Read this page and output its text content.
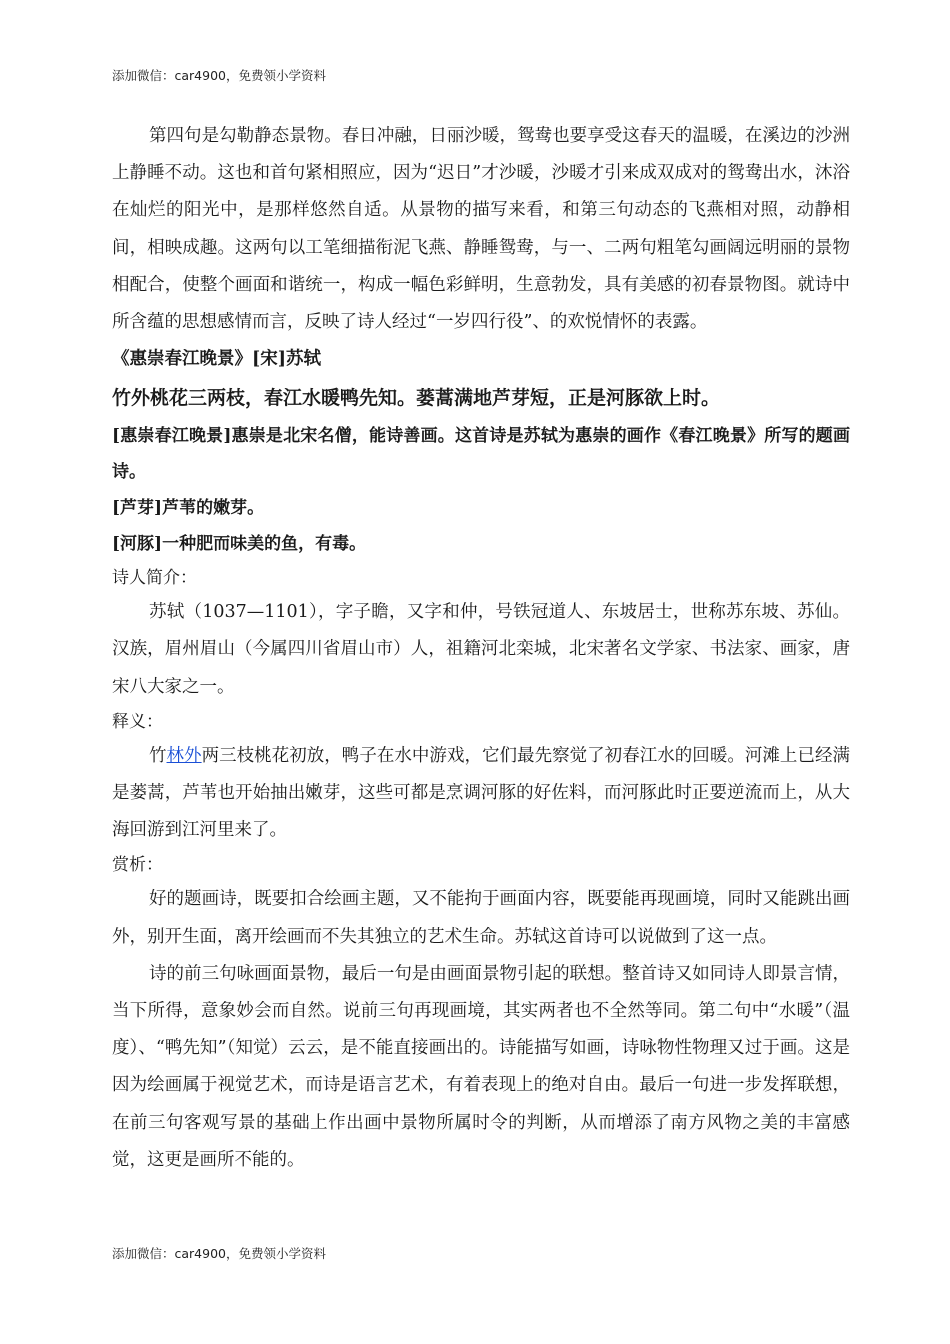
添加微信：car4900，免费领小学资料

第四句是勾勒静态景物。春日冲融，日丽沙暖，鸳鸯也要享受这春天的温暖，在溪边的沙洲上静睡不动。这也和首句紧相照应，因为“迟日”才沙暖，沙暖才引来成双成对的鸳鸯出水，沐浴在灿烂的阳光中，是那样悠然自适。从景物的描写来看，和第三句动态的飞燕相对照，动静相间，相映成趣。这两句以工笔细描衔泥飞燕、静睡鸳鸯，与一、二两句粗笔勾画阔远明丽的景物相配合，使整个画面和谐统一，构成一幅色彩鲜明，生意勃发，具有美感的初春景物图。就诗中所含蕴的思想感情而言，反映了诗人经过“一岁四行役”、的欢悦情怀的表露。

《惠崇春江晚景》[宋]苏轼
竹外桃花三两枝，春江水暖鸭先知。蒌蒿满地芦芽短，正是河豚欲上时。

[惠崇春江晚景]惠崇是北宋名僧，能诗善画。这首诗是苏轼为惠崇的画作《春江晚景》所写的题画诗。

[芦芽]芦苇的嫩芽。

[河豚]一种肥而味美的鱼，有毒。

诗人简介：

苏轼（1037—1101），字子瞻，又字和仲，号铁冠道人、东坡居士，世称苏东坡、苏仙。汉族，眉州眉山（今属四川省眉山市）人，祖籍河北栾城，北宋著名文学家、书法家、画家，唐宋八大家之一。

释义：

竹林外两三枝桃花初放，鸭子在水中游戏，它们最先察觉了初春江水的回暖。河滩上已经满是蒌蒿，芦苇也开始抽出嫩芽，这些可都是烹调河豚的好佐料，而河豚此时正要逆流而上，从大海回游到江河里来了。

赏析：

好的题画诗，既要扣合绘画主题，又不能拘于画面内容，既要能再现画境，同时又能跳出画外，别开生面，离开绘画而不失其独立的艺术生命。苏轼这首诗可以说做到了这一点。

诗的前三句咏画面景物，最后一句是由画面景物引起的联想。整首诗又如同诗人即景言情，当下所得，意象妙会而自然。说前三句再现画境，其实两者也不全然等同。第二句中“水暖”（温度）、“鸭先知”（知觉）云云，是不能直接画出的。诗能描写如画，诗咏物性物理又过于画。这是因为绘画属于视觉艺术，而诗是语言艺术，有着表现上的绝对自由。最后一句进一步发挥联想，在前三句客观写景的基础上作出画中景物所属时令的判断，从而增添了南方风物之美的丰富感觉，这更是画所不能的。

添加微信：car4900，免费领小学资料
